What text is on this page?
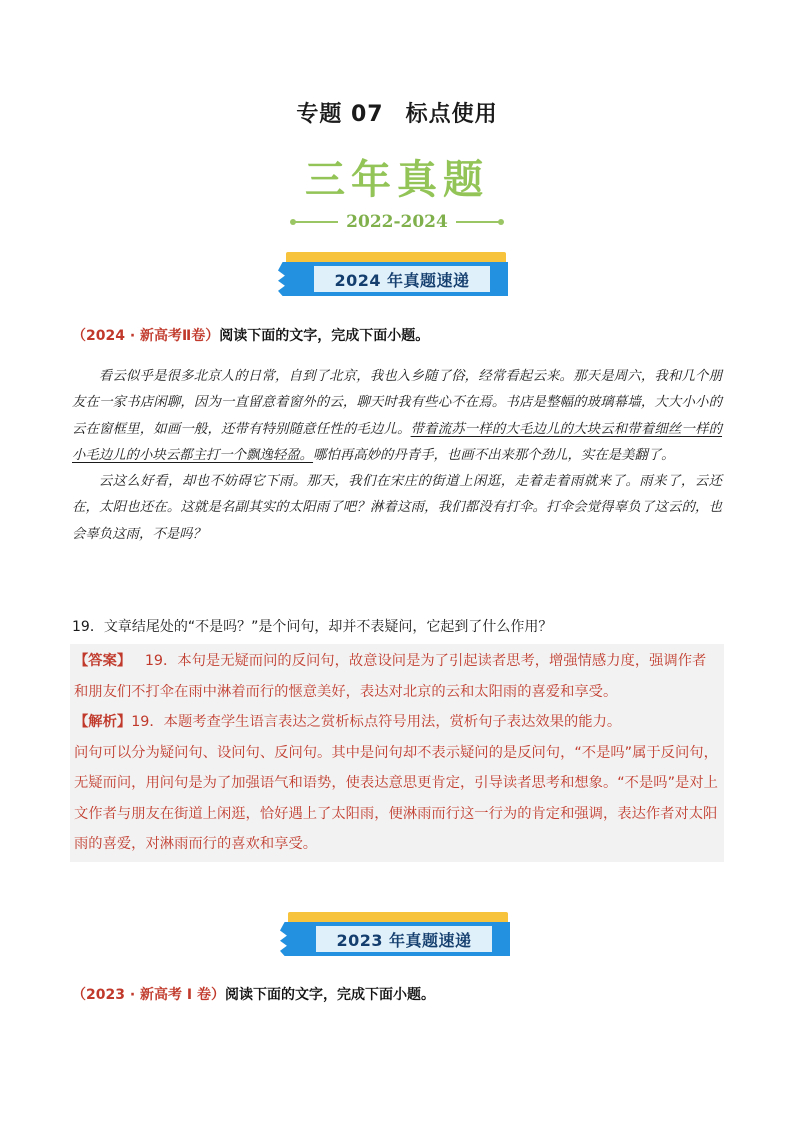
专题 07 标点使用
三年真题
2022-2024
2024 年真题速递
（2024 · 新高考Ⅱ卷）阅读下面的文字，完成下面小题。

看云似乎是很多北京人的日常，自到了北京，我也入乡随了俗，经常看起云来。那天是周六，我和几个朋友在一家书店闲聊，因为一直留意着窗外的云，聊天时我有些心不在焉。书店是整幅的玻璃幕墙，大大小小的云在窗框里，如画一般，还带有特别随意任性的毛边儿。带着流苏一样的大毛边儿的大块云和带着细丝一样的小毛边儿的小块云都主打一个飘逸轻盈。哪怕再高妙的丹青手，也画不出来那个劲儿，实在是美翻了。

云这么好看，却也不妨碍它下雨。那天，我们在宋庄的街道上闲逛，走着走着雨就来了。雨来了，云还在，太阳也还在。这就是名副其实的太阳雨了吧？淋着这雨，我们都没有打伞。打伞会觉得辜负了这云的，也会辜负这雨，不是吗？

19．文章结尾处的“不是吗？”是个问句，却并不表疑问，它起到了什么作用？

【答案】 19．本句是无疑而问的反问句，故意设问是为了引起读者思考，增强情感力度，强调作者和朋友们不打伞在雨中淋着而行的惬意美好，表达对北京的云和太阳雨的喜爱和享受。

【解析】19．本题考查学生语言表达之赏析标点符号用法，赏析句子表达效果的能力。

问句可以分为疑问句、设问句、反问句。其中是问句却不表示疑问的是反问句，“不是吗”属于反问句，无疑而问，用问句是为了加强语气和语势，使表达意思更肯定，引导读者思考和想象。“不是吗”是对上文作者与朋友在街道上闲逛，恰好遇上了太阳雨，便淋雨而行这一行为的肯定和强调，表达作者对太阳雨的喜爱，对淋雨而行的喜欢和享受。

2023 年真题速递
（2023 · 新高考 I 卷）阅读下面的文字，完成下面小题。
